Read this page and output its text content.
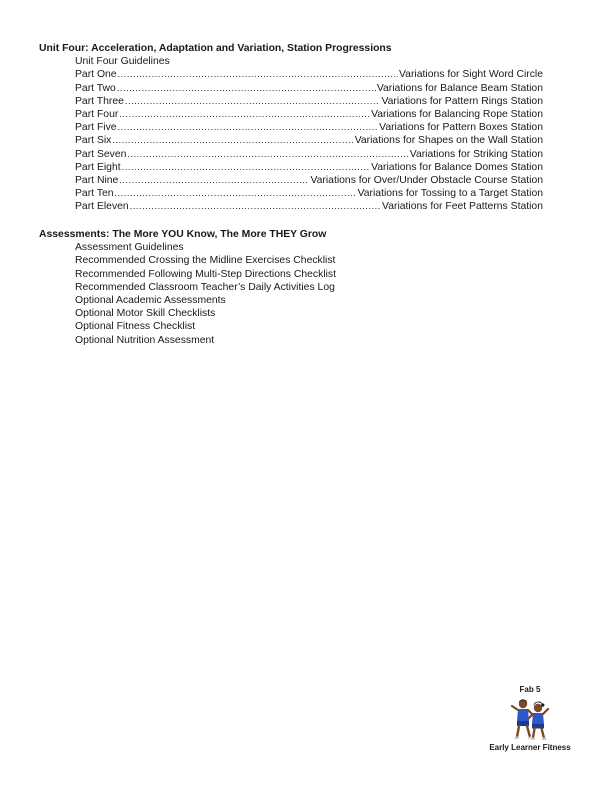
Unit Four: Acceleration, Adaptation and Variation, Station Progressions
Unit Four Guidelines
Part One .....	Variations for Sight Word Circle
Part Two .....	Variations for Balance Beam Station
Part Three .....	Variations for Pattern Rings Station
Part Four .....	Variations for Balancing Rope Station
Part Five .....	Variations for Pattern Boxes Station
Part Six .....	Variations for Shapes on the Wall Station
Part Seven .....	Variations for Striking Station
Part Eight .....	Variations for Balance Domes Station
Part Nine .....	Variations for Over/Under Obstacle Course Station
Part Ten .....	Variations for Tossing to a Target Station
Part Eleven .....	Variations for Feet Patterns Station
Assessments: The More YOU Know, The More THEY Grow
Assessment Guidelines
Recommended Crossing the Midline Exercises Checklist
Recommended Following Multi-Step Directions Checklist
Recommended Classroom Teacher’s Daily Activities Log
Optional Academic Assessments
Optional Motor Skill Checklists
Optional Fitness Checklist
Optional Nutrition Assessment
Fab 5
Early Learner Fitness
